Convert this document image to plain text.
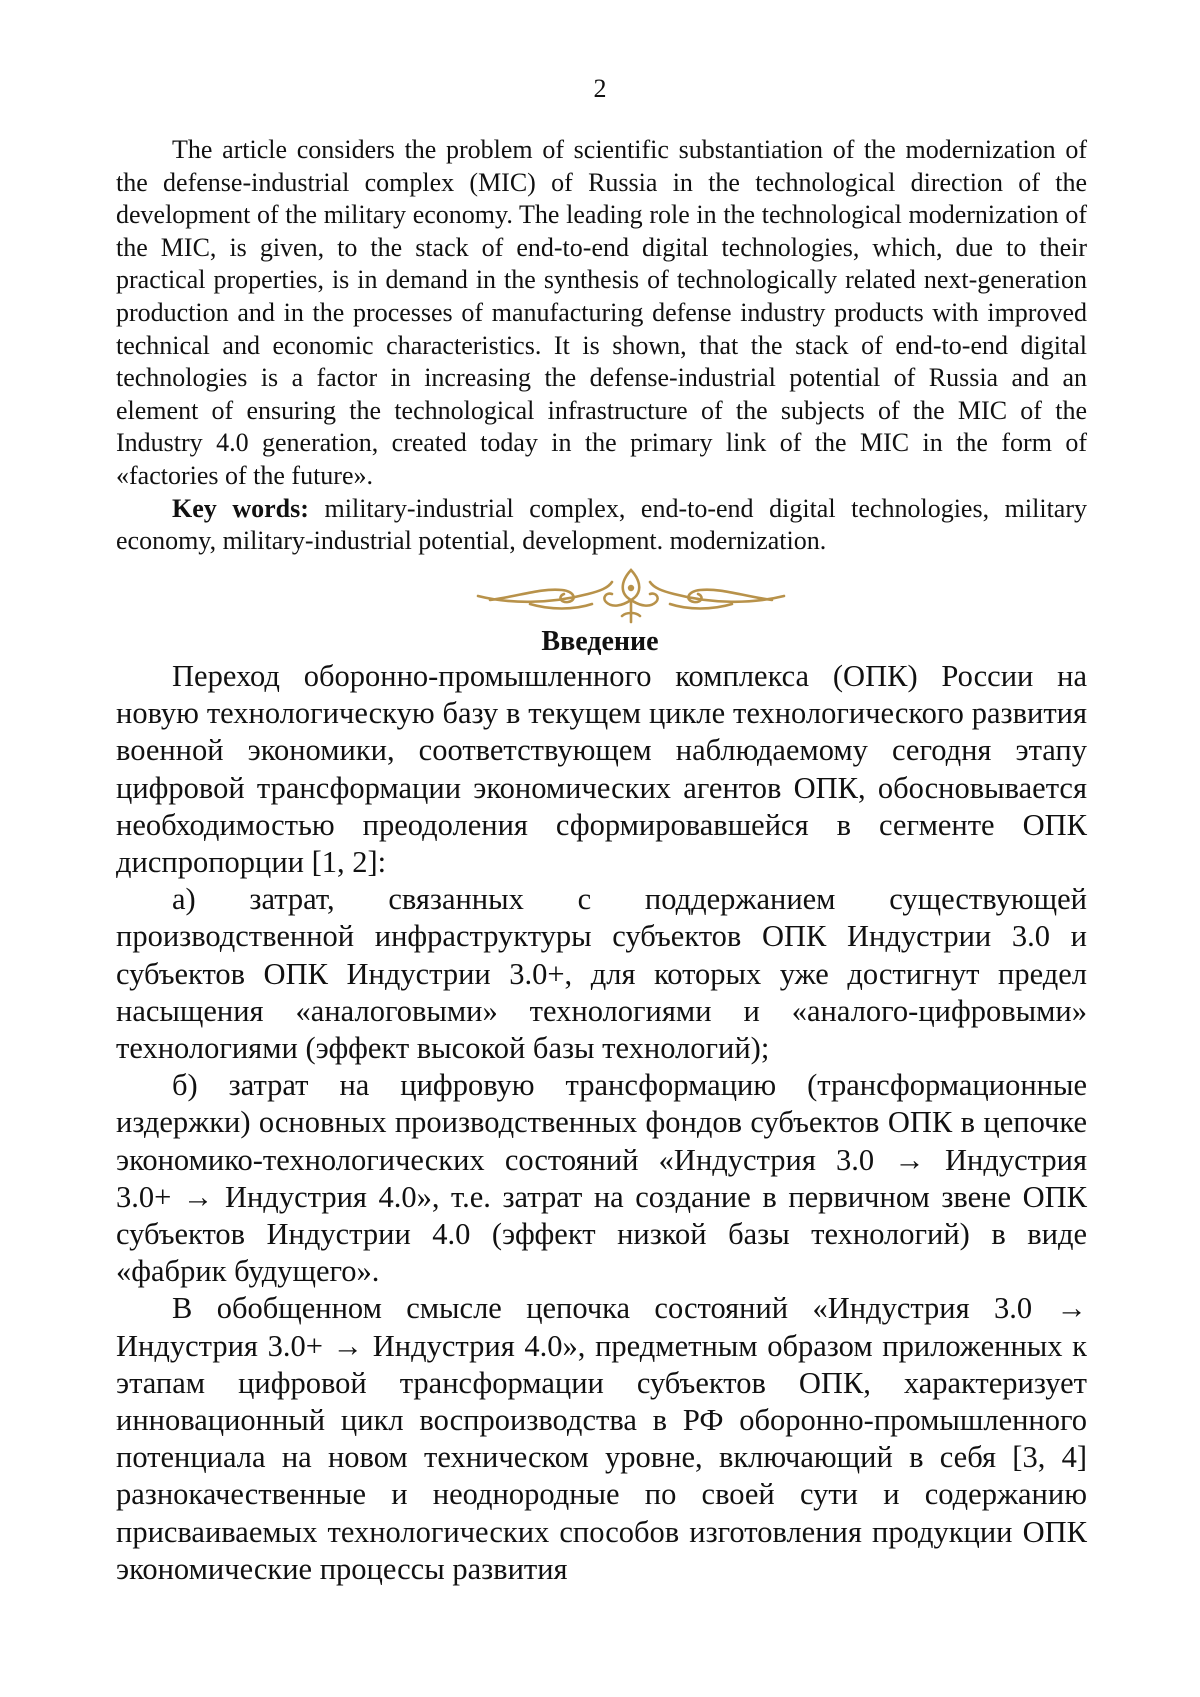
2

The article considers the problem of scientific substantiation of the modernization of the defense-industrial complex (MIC) of Russia in the technological direction of the development of the military economy. The leading role in the technological modernization of the MIC, is given, to the stack of end-to-end digital technologies, which, due to their practical properties, is in demand in the synthesis of technologically related next-generation production and in the processes of manufacturing defense industry products with improved technical and economic characteristics. It is shown, that the stack of end-to-end digital technologies is a factor in increasing the defense-industrial potential of Russia and an element of ensuring the technological infrastructure of the subjects of the MIC of the Industry 4.0 generation, created today in the primary link of the MIC in the form of «factories of the future».

Key words: military-industrial complex, end-to-end digital technologies, military economy, military-industrial potential, development. modernization.

Введение

Переход оборонно-промышленного комплекса (ОПК) России на новую технологическую базу в текущем цикле технологического развития военной экономики, соответствующем наблюдаемому сегодня этапу цифровой трансформации экономических агентов ОПК, обосновывается необходимостью преодоления сформировавшейся в сегменте ОПК диспропорции [1, 2]:

а) затрат, связанных с поддержанием существующей производственной инфраструктуры субъектов ОПК Индустрии 3.0 и субъектов ОПК Индустрии 3.0+, для которых уже достигнут предел насыщения «аналоговыми» технологиями и «аналого-цифровыми» технологиями (эффект высокой базы технологий);

б) затрат на цифровую трансформацию (трансформационные издержки) основных производственных фондов субъектов ОПК в цепочке экономико-технологических состояний «Индустрия 3.0 → Индустрия 3.0+ → Индустрия 4.0», т.е. затрат на создание в первичном звене ОПК субъектов Индустрии 4.0 (эффект низкой базы технологий) в виде «фабрик будущего».

В обобщенном смысле цепочка состояний «Индустрия 3.0 → Индустрия 3.0+ → Индустрия 4.0», предметным образом приложенных к этапам цифровой трансформации субъектов ОПК, характеризует инновационный цикл воспроизводства в РФ оборонно-промышленного потенциала на новом техническом уровне, включающий в себя [3, 4] разнокачественные и неоднородные по своей сути и содержанию присваиваемых технологических способов изготовления продукции ОПК экономические процессы развития
